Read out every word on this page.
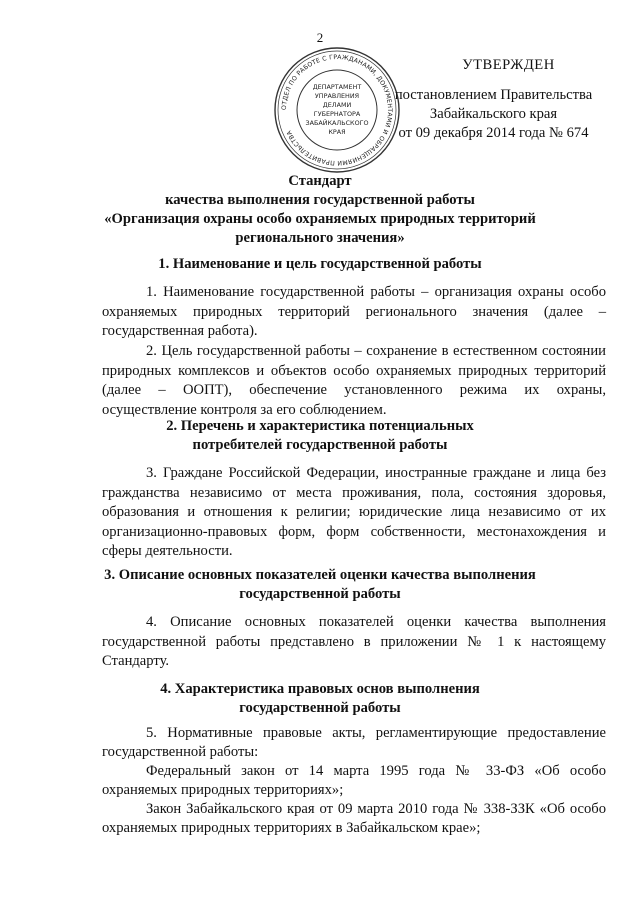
2
ОТДЕЛ ПО РАБОТЕ С ГРАЖДАНАМИ, ДОКУМЕНТАМИ И ОБРАЩЕНИЯМИ ПРАВИТЕЛЬСТВА
ДЕПАРТАМЕНТ
УПРАВЛЕНИЯ
ДЕЛАМИ
ГУБЕРНАТОРА
ЗАБАЙКАЛЬСКОГО
КРАЯ
УТВЕРЖДЕН
постановлением Правительства
Забайкальского края
от 09 декабря 2014 года № 674
Стандарт
качества выполнения государственной работы
«Организация охраны особо охраняемых природных территорий
регионального значения»
1. Наименование и цель государственной работы
1. Наименование государственной работы – организация охраны особо охраняемых природных территорий регионального значения (далее – государственная работа).
2. Цель государственной работы – сохранение в естественном состоянии природных комплексов и объектов особо охраняемых природных территорий (далее – ООПТ), обеспечение установленного режима их охраны, осуществление контроля за его соблюдением.
2. Перечень и характеристика потенциальных
потребителей государственной работы
3. Граждане Российской Федерации, иностранные граждане и лица без гражданства независимо от места проживания, пола, состояния здоровья, образования и отношения к религии; юридические лица независимо от их организационно-правовых форм, форм собственности, местонахождения и сферы деятельности.
3. Описание основных показателей оценки качества выполнения
государственной работы
4. Описание основных показателей оценки качества выполнения государственной работы представлено в приложении № 1 к настоящему Стандарту.
4. Характеристика правовых основ выполнения
государственной работы
5. Нормативные правовые акты, регламентирующие предоставление государственной работы:
Федеральный закон от 14 марта 1995 года № 33-ФЗ «Об особо охраняемых природных территориях»;
Закон Забайкальского края от 09 марта 2010 года № 338-ЗЗК «Об особо охраняемых природных территориях в Забайкальском крае»;
